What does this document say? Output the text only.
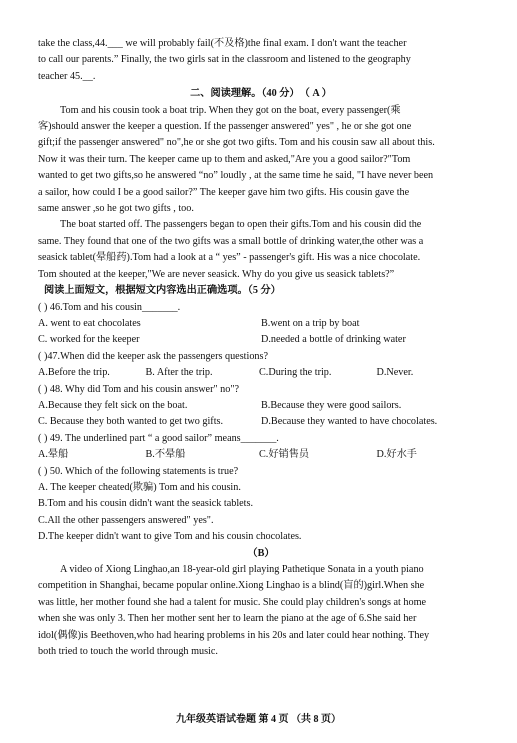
take the class,44.___ we will probably fail(不及格)the final exam. I don't want the teacher

to call our parents.” Finally, the two girls sat in the classroom and listened to the geography

teacher 45.__.

二、阅读理解。（40 分）　（ A ）

Tom and his cousin took a boat trip. When they got on the boat, every passenger(乘

客)should answer the keeper a question. If the passenger answered" yes" , he or she got one

gift;if the passenger answered" no",he or she got two gifts. Tom and his cousin saw all about this.

Now it was their turn. The keeper came up to them and asked,"Are you a good sailor?"Tom

wanted to get two gifts,so he answered “no” loudly , at the same time he said, "I have never been

a sailor, how could I be a good sailor?” The keeper gave him two gifts. His cousin gave the

same answer ,so he got two gifts , too.

The boat started off. The passengers began to open their gifts.Tom and his cousin did the

same. They found that one of the two gifts was a small bottle of drinking water,the other was a

seasick tablet(晕船药).Tom had a look at a “ yes” - passenger's gift. His was a nice chocolate.

Tom shouted at the keeper,"We are never seasick. Why do you give us seasick tablets?”

阅读上面短文，根据短文内容选出正确选项。（5 分）

( ) 46.Tom and his cousin_______.

A. went to eat chocolates	B.went on a trip by boat
C. worked for the keeper	D.needed a bottle of drinking water

( )47.When did the keeper ask the passengers questions?

A.Before the trip.	B. After the trip.	C.During the trip.	D.Never.

( ) 48. Why did Tom and his cousin answer" no"?

A.Because they felt sick on the boat.	B.Because they were good sailors.
C. Because they both wanted to get two gifts.	D.Because they wanted to have chocolates.

( ) 49. The underlined part “ a good sailor” means_______.

A.晕船	B.不晕船	C.好销售员	D.好水手

( ) 50. Which of the following statements is true?

A. The keeper cheated(欺骗) Tom and his cousin.

B.Tom and his cousin didn't want the seasick tablets.

C.All the other passengers answered" yes".

D.The keeper didn't want to give Tom and his cousin chocolates.

（B）

A video of Xiong Linghao,an 18-year-old girl playing Pathetique Sonata in a youth piano

competition in Shanghai, became popular online.Xiong Linghao is a blind(盲的)girl.When she

was little, her mother found she had a talent for music. She could play children's songs at home

when she was only 3. Then her mother sent her to learn the piano at the age of 6.She said her

idol(偶像)is Beethoven,who had hearing problems in his 20s and later could hear nothing. They

both tried to touch the world through music.

九年级英语试卷题 第 4 页 （共 8 页）
